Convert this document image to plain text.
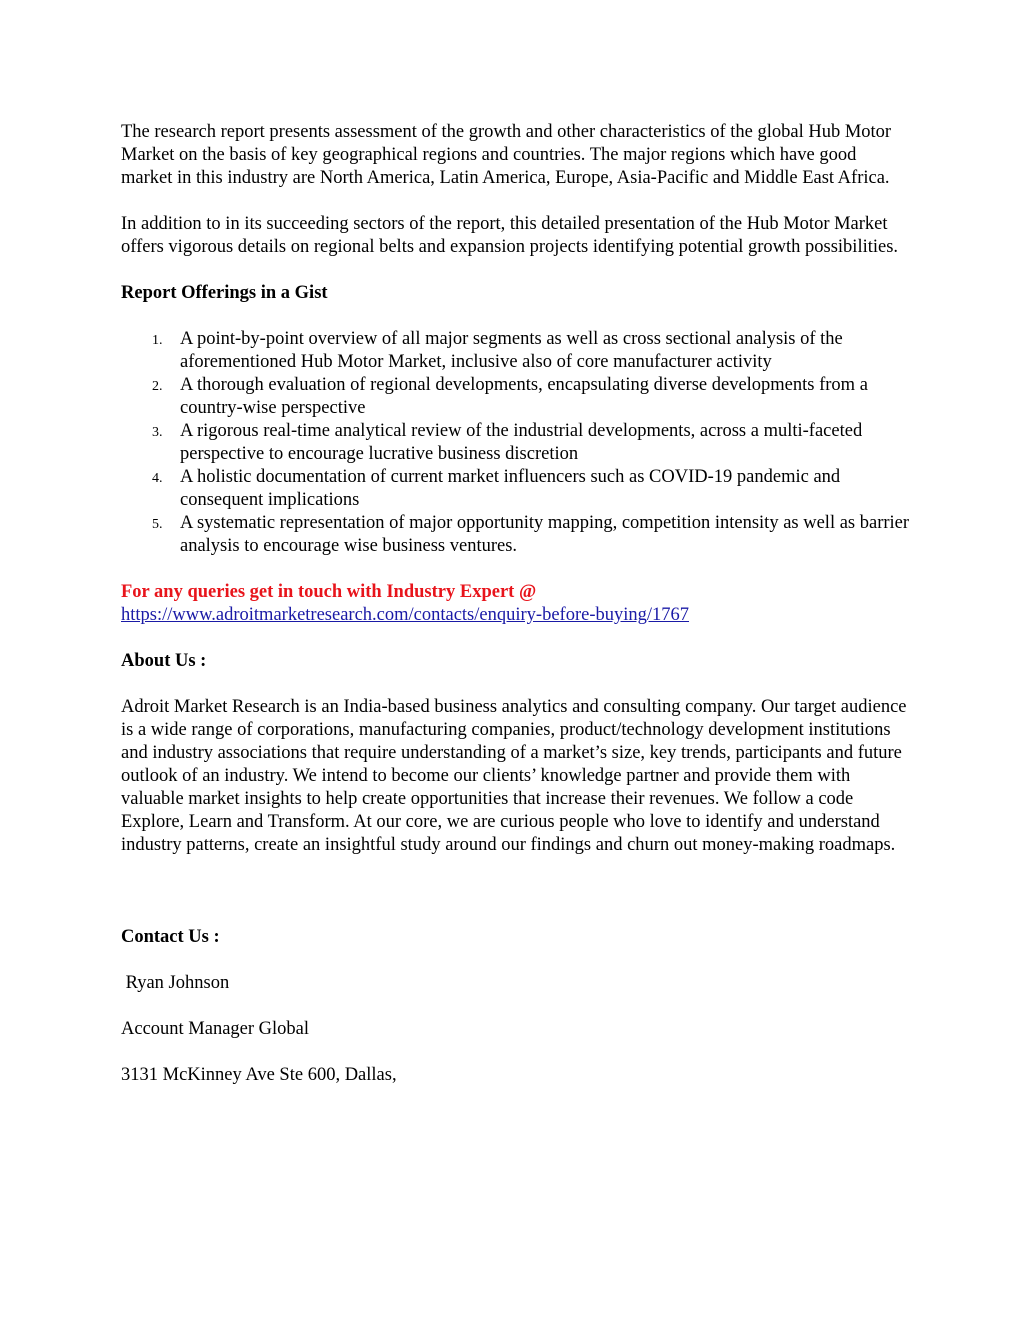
The research report presents assessment of the growth and other characteristics of the global Hub Motor Market on the basis of key geographical regions and countries. The major regions which have good market in this industry are North America, Latin America, Europe, Asia-Pacific and Middle East Africa.

In addition to in its succeeding sectors of the report, this detailed presentation of the Hub Motor Market offers vigorous details on regional belts and expansion projects identifying potential growth possibilities.

Report Offerings in a Gist

1. A point-by-point overview of all major segments as well as cross sectional analysis of the aforementioned Hub Motor Market, inclusive also of core manufacturer activity
2. A thorough evaluation of regional developments, encapsulating diverse developments from a country-wise perspective
3. A rigorous real-time analytical review of the industrial developments, across a multi-faceted perspective to encourage lucrative business discretion
4. A holistic documentation of current market influencers such as COVID-19 pandemic and consequent implications
5. A systematic representation of major opportunity mapping, competition intensity as well as barrier analysis to encourage wise business ventures.

For any queries get in touch with Industry Expert @

https://www.adroitmarketresearch.com/contacts/enquiry-before-buying/1767

About Us :

Adroit Market Research is an India-based business analytics and consulting company. Our target audience is a wide range of corporations, manufacturing companies, product/technology development institutions and industry associations that require understanding of a market’s size, key trends, participants and future outlook of an industry. We intend to become our clients’ knowledge partner and provide them with valuable market insights to help create opportunities that increase their revenues. We follow a code Explore, Learn and Transform. At our core, we are curious people who love to identify and understand industry patterns, create an insightful study around our findings and churn out money-making roadmaps.

Contact Us :

Ryan Johnson

Account Manager Global

3131 McKinney Ave Ste 600, Dallas,
